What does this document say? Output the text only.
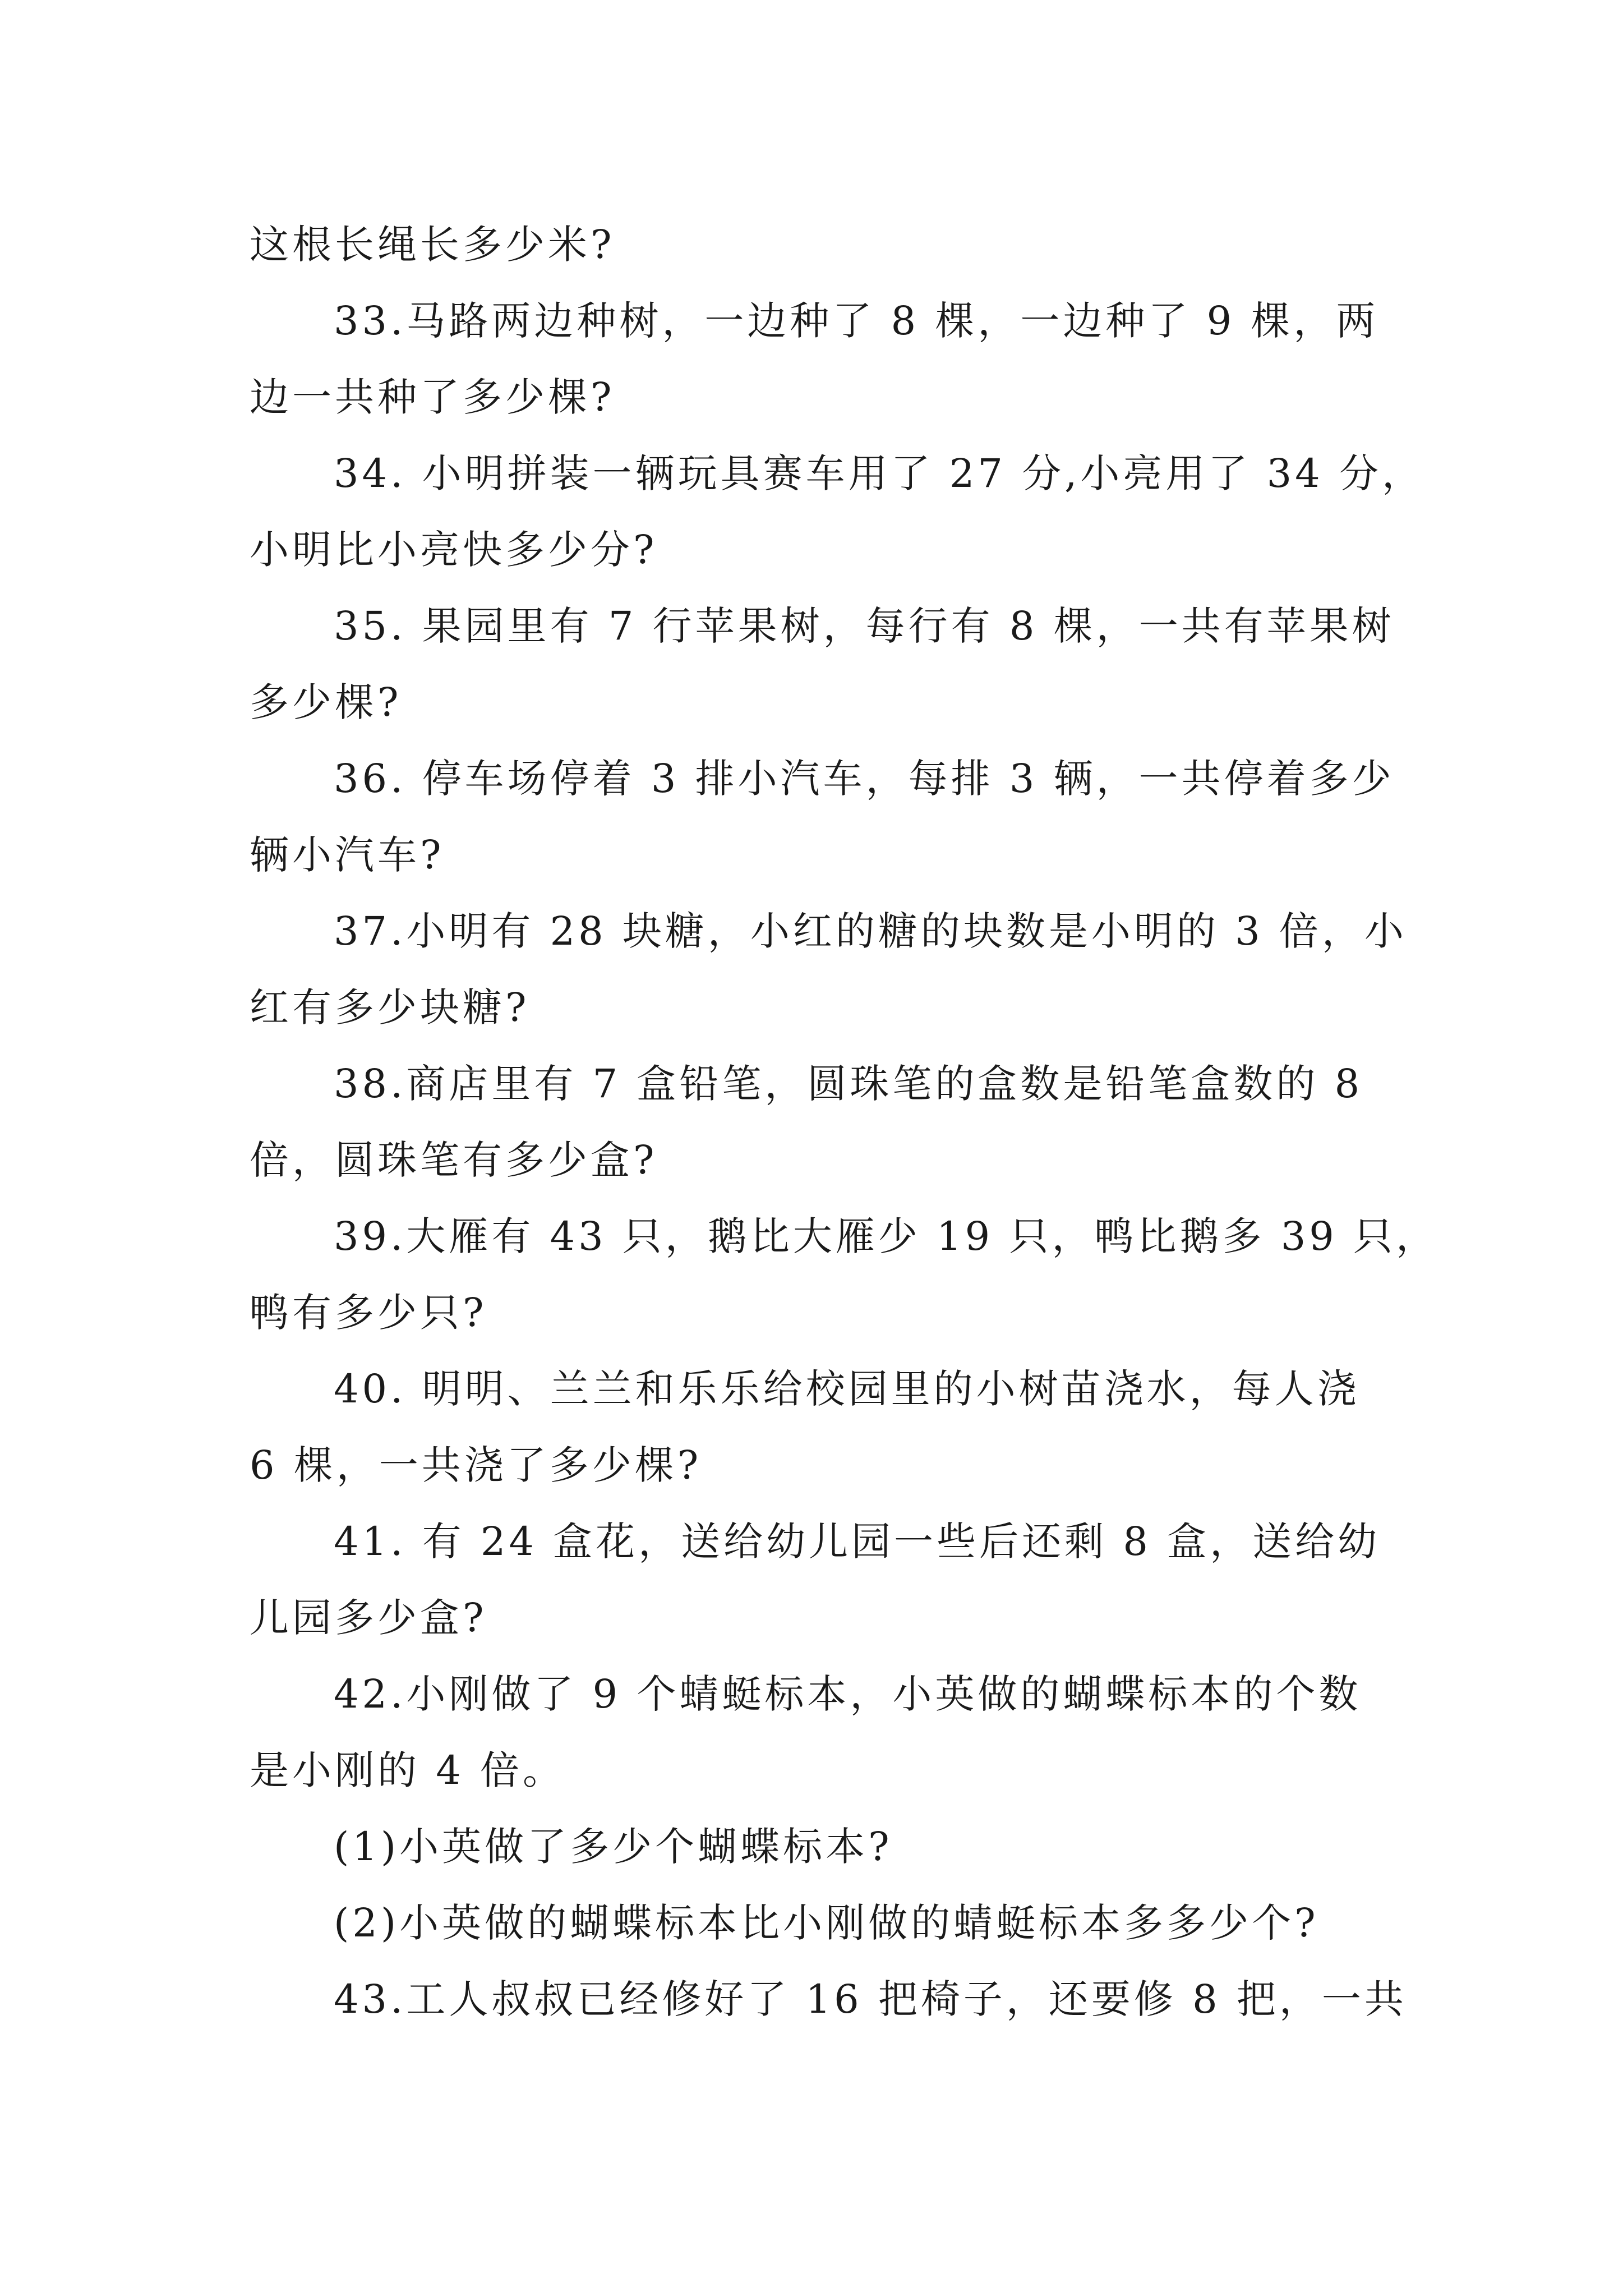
这根长绳长多少米?
33.马路两边种树，一边种了 8 棵，一边种了 9 棵，两
边一共种了多少棵?
34. 小明拼装一辆玩具赛车用了 27 分,小亮用了 34 分，
小明比小亮快多少分?
35. 果园里有 7 行苹果树，每行有 8 棵，一共有苹果树
多少棵?
36. 停车场停着 3 排小汽车，每排 3 辆，一共停着多少
辆小汽车?
37.小明有 28 块糖，小红的糖的块数是小明的 3 倍，小
红有多少块糖?
38.商店里有 7 盒铅笔，圆珠笔的盒数是铅笔盒数的 8
倍，圆珠笔有多少盒?
39.大雁有 43 只，鹅比大雁少 19 只，鸭比鹅多 39 只，
鸭有多少只?
40. 明明、兰兰和乐乐给校园里的小树苗浇水，每人浇
6 棵，一共浇了多少棵?
41. 有 24 盒花，送给幼儿园一些后还剩 8 盒，送给幼
儿园多少盒?
42.小刚做了 9 个蜻蜓标本，小英做的蝴蝶标本的个数
是小刚的 4 倍。
(1)小英做了多少个蝴蝶标本?
(2)小英做的蝴蝶标本比小刚做的蜻蜓标本多多少个?
43.工人叔叔已经修好了 16 把椅子，还要修 8 把，一共
